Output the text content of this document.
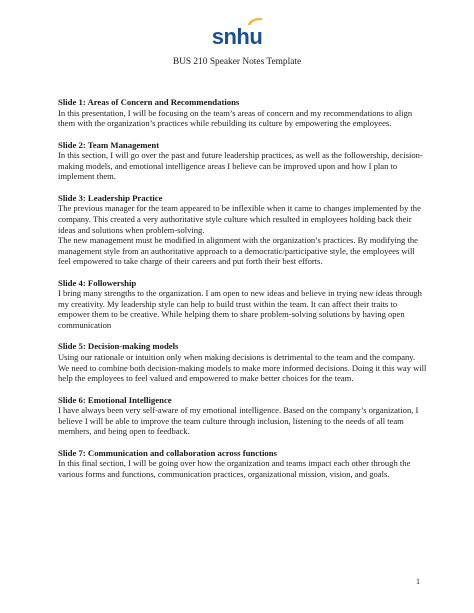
snhu
BUS 210 Speaker Notes Template
Slide 1: Areas of Concern and Recommendations

In this presentation, I will be focusing on the team’s areas of concern and my recommendations to align them with the organization’s practices while rebuilding its culture by empowering the employees.

Slide 2: Team Management

In this section, I will go over the past and future leadership practices, as well as the followership, decision-making models, and emotional intelligence areas I believe can be improved upon and how I plan to implement them.

Slide 3: Leadership Practice

The previous manager for the team appeared to be inflexible when it came to changes implemented by the company. This created a very authoritative style culture which resulted in employees holding back their ideas and solutions when problem-solving.

The new management must be modified in alignment with the organization’s practices. By modifying the management style from an authoritative approach to a democratic/participative style, the employees will feel empowered to take charge of their careers and put forth their best efforts.

Slide 4: Followership

I bring many strengths to the organization. I am open to new ideas and believe in trying new ideas through my creativity. My leadership style can help to build trust within the team. It can affect their traits to empower them to be creative. While helping them to share problem-solving solutions by having open communication

Slide 5: Decision-making models

Using our rationale or intuition only when making decisions is detrimental to the team and the company. We need to combine both decision-making models to make more informed decisions. Doing it this way will help the employees to feel valued and empowered to make better choices for the team.

Slide 6: Emotional Intelligence

I have always been very self-aware of my emotional intelligence. Based on the company’s organization, I believe I will be able to improve the team culture through inclusion, listening to the needs of all team members, and being open to feedback.

Slide 7: Communication and collaboration across functions

In this final section, I will be going over how the organization and teams impact each other through the various forms and functions, communication practices, organizational mission, vision, and goals.

1
